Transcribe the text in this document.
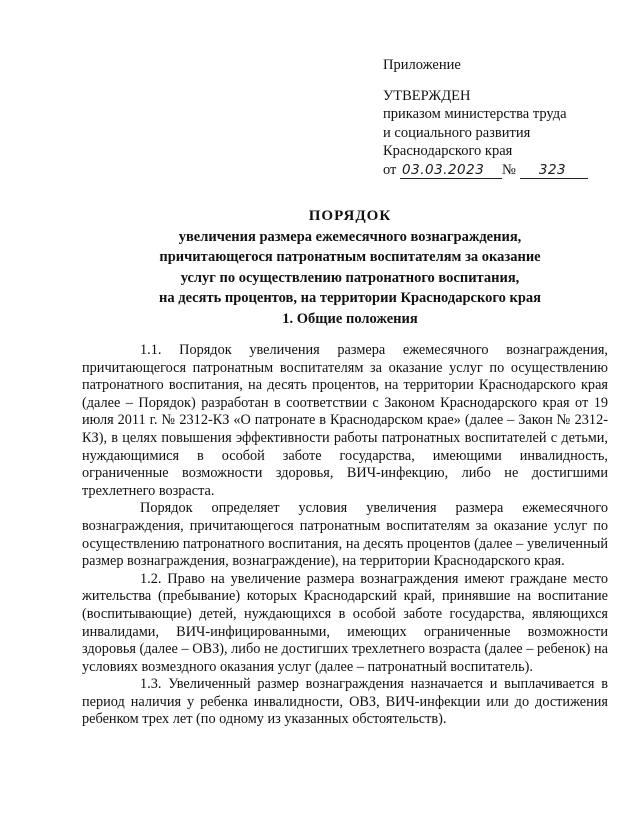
Приложение
УТВЕРЖДЕН
приказом министерства труда
и социального развития
Краснодарского края
от 03.03.2023 № 323
ПОРЯДОК
увеличения размера ежемесячного вознаграждения,
причитающегося патронатным воспитателям за оказание
услуг по осуществлению патронатного воспитания,
на десять процентов, на территории Краснодарского края
1. Общие положения

1.1. Порядок увеличения размера ежемесячного вознаграждения, причитающегося патронатным воспитателям за оказание услуг по осуществлению патронатного воспитания, на десять процентов, на территории Краснодарского края (далее – Порядок) разработан в соответствии с Законом Краснодарского края от 19 июля 2011 г. № 2312-КЗ «О патронате в Краснодарском крае» (далее – Закон № 2312-КЗ), в целях повышения эффективности работы патронатных воспитателей с детьми, нуждающимися в особой заботе государства, имеющими инвалидность, ограниченные возможности здоровья, ВИЧ-инфекцию, либо не достигшими трехлетнего возраста.

Порядок определяет условия увеличения размера ежемесячного вознаграждения, причитающегося патронатным воспитателям за оказание услуг по осуществлению патронатного воспитания, на десять процентов (далее – увеличенный размер вознаграждения, вознаграждение), на территории Краснодарского края.

1.2. Право на увеличение размера вознаграждения имеют граждане место жительства (пребывание) которых Краснодарский край, принявшие на воспитание (воспитывающие) детей, нуждающихся в особой заботе государства, являющихся инвалидами, ВИЧ-инфицированными, имеющих ограниченные возможности здоровья (далее – ОВЗ), либо не достигших трехлетнего возраста (далее – ребенок) на условиях возмездного оказания услуг (далее – патронатный воспитатель).

1.3. Увеличенный размер вознаграждения назначается и выплачивается в период наличия у ребенка инвалидности, ОВЗ, ВИЧ-инфекции или до достижения ребенком трех лет (по одному из указанных обстоятельств).
